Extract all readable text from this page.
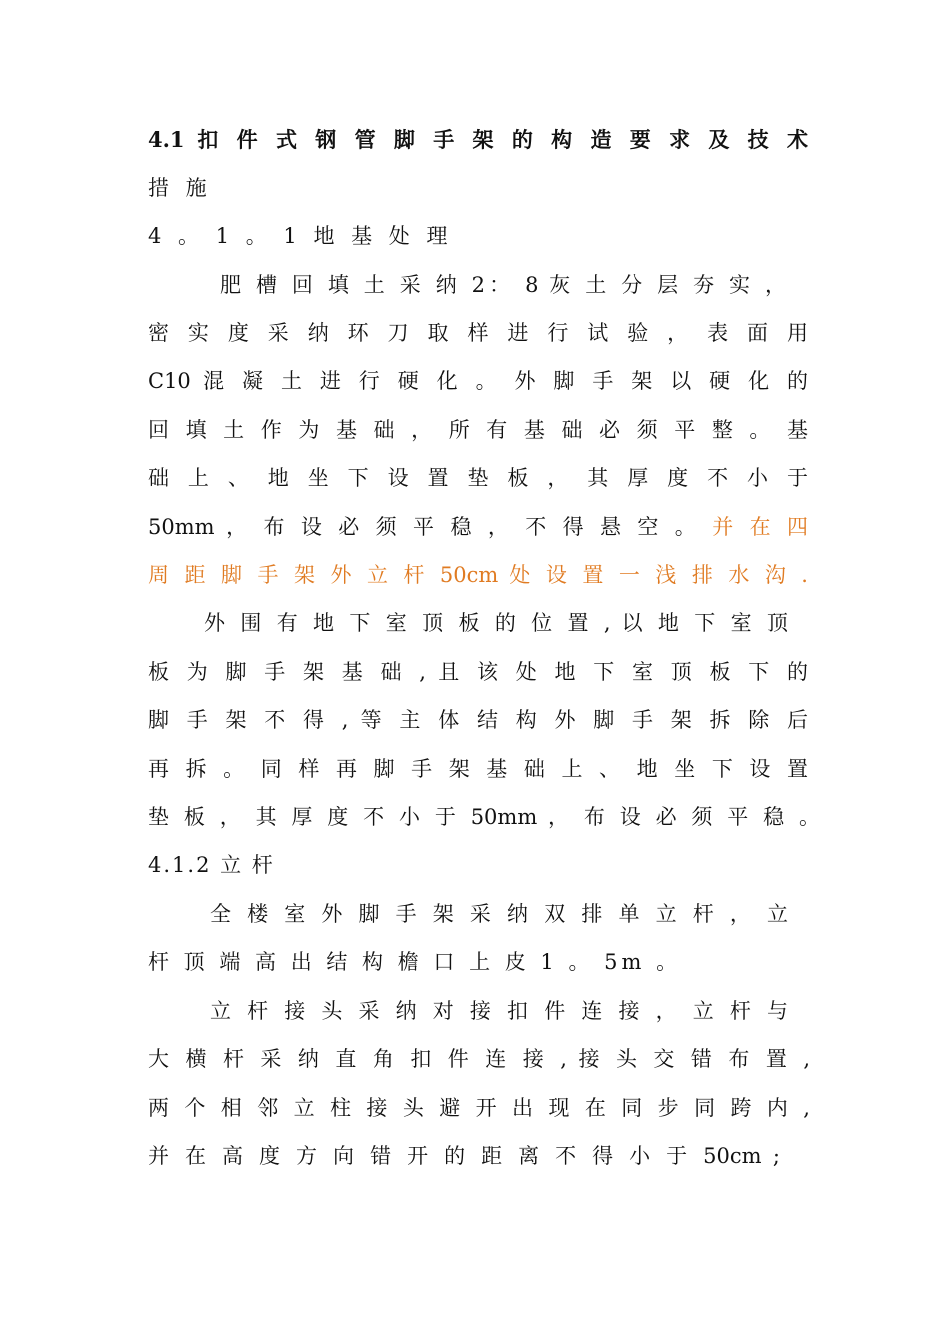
4.1 扣 件 式 钢 管 脚 手 架 的 构 造 要 求 及 技 术
措 施
4 。 1 。 1 地 基 处 理
肥 槽 回 填 土 采 纳 2： 8 灰 土 分 层 夯 实 ，
密 实 度 采 纳 环 刀 取 样 进 行 试 验 ， 表 面 用
C10 混 凝 土 进 行 硬 化 。 外 脚 手 架 以 硬 化 的
回 填 土 作 为 基 础 ， 所 有 基 础 必 须 平 整 。 基
础 上 、 地 坐 下 设 置 垫 板 ， 其 厚 度 不 小 于
50mm ， 布 设 必 须 平 稳 ， 不 得 悬 空 。 并 在 四
周 距 脚 手 架 外 立 杆 50cm 处 设 置 一 浅 排 水 沟 .
外 围 有 地 下 室 顶 板 的 位 置 , 以 地 下 室 顶
板 为 脚 手 架 基 础 , 且 该 处 地 下 室 顶 板 下 的
脚 手 架 不 得 , 等 主 体 结 构 外 脚 手 架 拆 除 后
再 拆 。 同 样 再 脚 手 架 基 础 上 、 地 坐 下 设 置
垫 板 ， 其 厚 度 不 小 于 50mm ， 布 设 必 须 平 稳 。
4.1.2 立 杆
全 楼 室 外 脚 手 架 采 纳 双 排 单 立 杆 ， 立
杆 顶 端 高 出 结 构 檐 口 上 皮 1 。 5m 。
立 杆 接 头 采 纳 对 接 扣 件 连 接 ， 立 杆 与
大 横 杆 采 纳 直 角 扣 件 连 接 , 接 头 交 错 布 置 ,
两 个 相 邻 立 柱 接 头 避 开 出 现 在 同 步 同 跨 内 ,
并 在 高 度 方 向 错 开 的 距 离 不 得 小 于 50cm ;
